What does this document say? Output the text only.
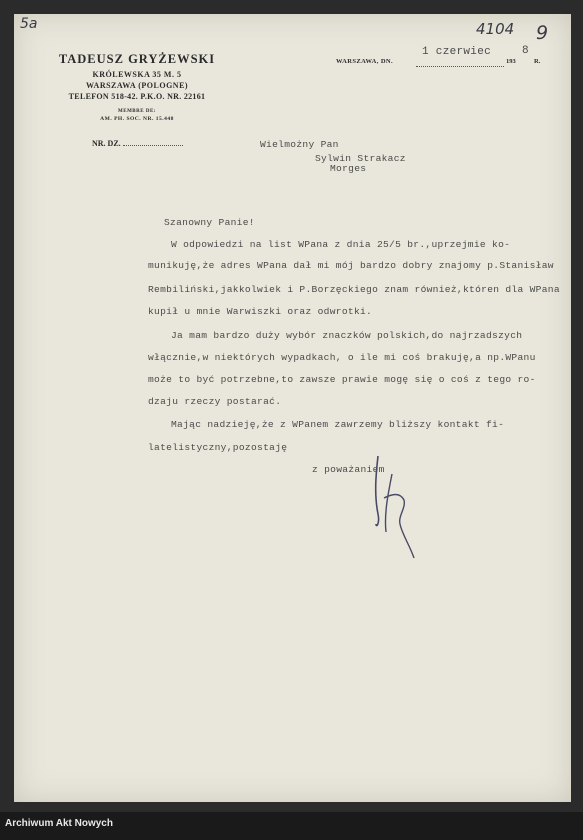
5a	4104 9
TADEUSZ GRYŻEWSKI
KRÓLEWSKA 35 M. 5
WARSZAWA (POLOGNE)
TELEFON 518-42. P.K.O. NR. 22161
MEMBRE DE:
AM. PH. SOC. NR. 15.448
NR. DZ.
WARSZAWA, DN.
1 czerwiec
193
8
R.
Wielmożny Pan
Sylwin Strakacz
Morges
Szanowny Panie!
W odpowiedzi na list WPana z dnia 25/5 br.,uprzejmie ko-
munikuję,że adres WPana dał mi mój bardzo dobry znajomy p.Stanisław
Rembiliński,jakkolwiek i P.Borzęckiego znam również,któren dla WPana
kupił u mnie Warwiszki oraz odwrotki.
Ja mam bardzo duży wybór znaczków polskich,do najrzadszych
włącznie,w niektórych wypadkach, o ile mi coś brakuję,a np.WPanu
może to być potrzebne,to zawsze prawie mogę się o coś z tego ro-
dzaju rzeczy postarać.
Mając nadzieję,że z WPanem zawrzemy bliższy kontakt fi-
latelistyczny,pozostaję
z poważaniem
Archiwum Akt Nowych
